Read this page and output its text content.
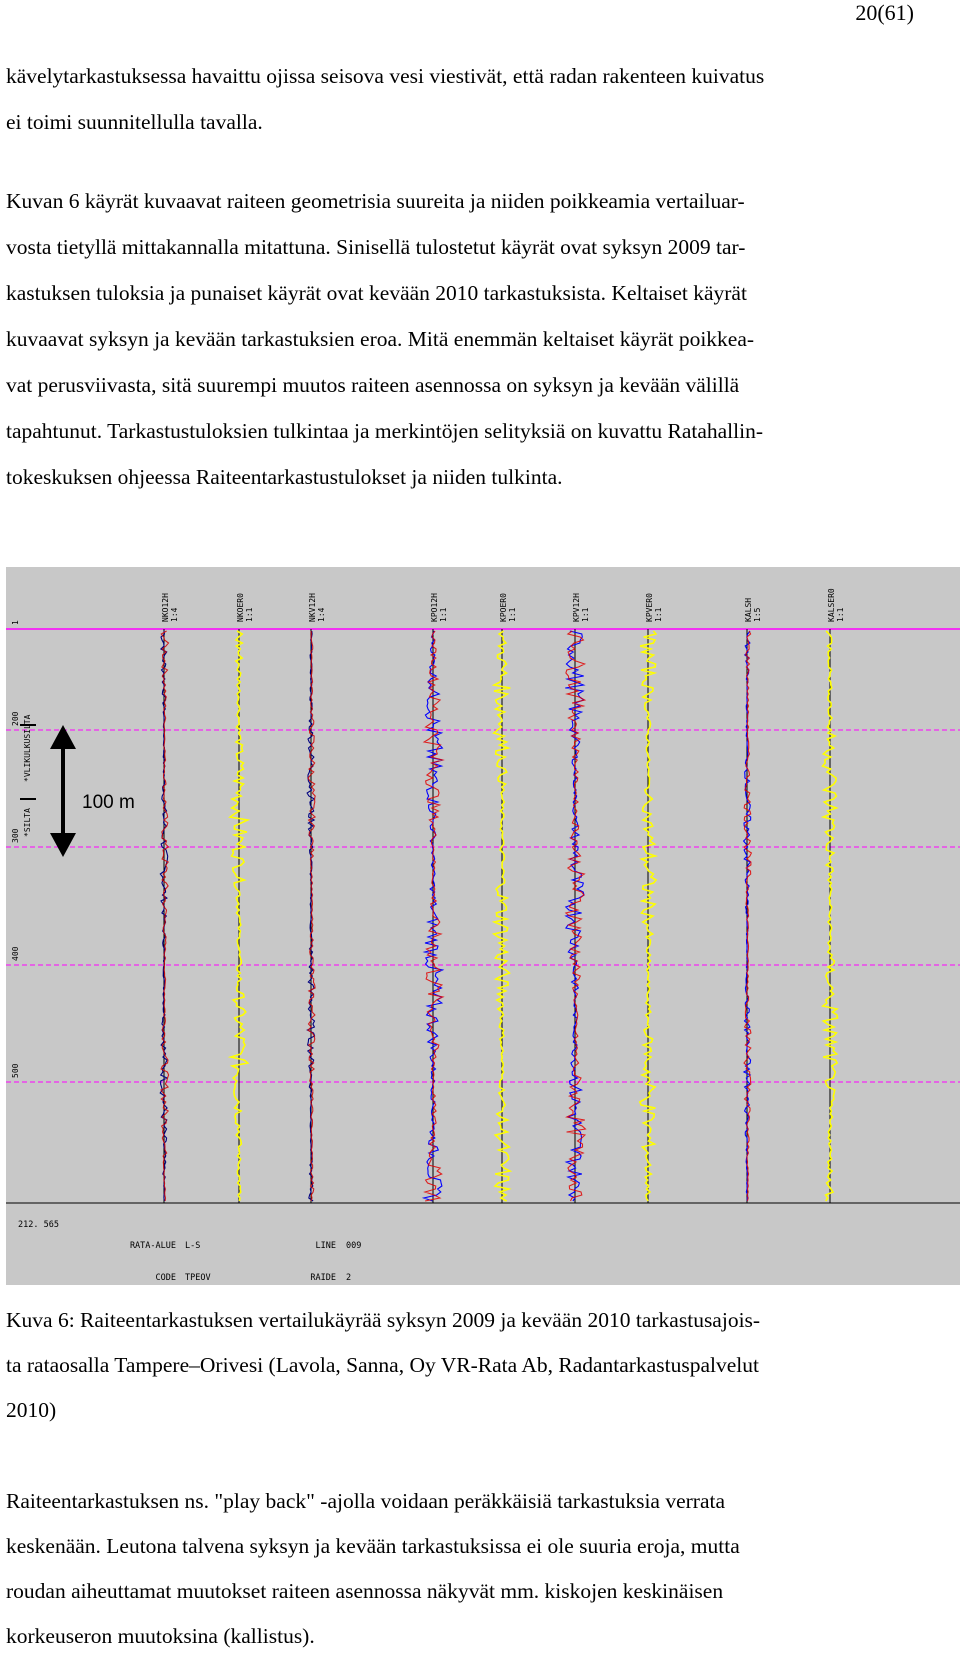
20(61)

kävelytarkastuksessa havaittu ojissa seisova vesi viestivät, että radan rakenteen kuivatus
ei toimi suunnitellulla tavalla.

Kuvan 6 käyrät kuvaavat raiteen geometrisia suureita ja niiden poikkeamia vertailuar-
vosta tietyllä mittakannalla mitattuna. Sinisellä tulostetut käyrät ovat syksyn 2009 tar-
kastuksen tuloksia ja punaiset käyrät ovat kevään 2010 tarkastuksista. Keltaiset käyrät
kuvaavat syksyn ja kevään tarkastuksien eroa. Mitä enemmän keltaiset käyrät poikkea-
vat perusviivasta, sitä suurempi muutos raiteen asennossa on syksyn ja kevään välillä
tapahtunut. Tarkastustuloksien tulkintaa ja merkintöjen selityksiä on kuvattu Ratahallin-
tokeskuksen ohjeessa Raiteentarkastustulokset ja niiden tulkinta.

1
200
300
400
500
*SILTA
*VLIKULKUSILTA
NKO12H 1:4	NKOER0 1:1	NKV12H 1:4	KPO12H 1:1	KPOER0 1:1	KPV12H 1:1	KPVER0 1:1	KALSH 1:5	KALSER0 1:1
100 m
212. 565

RATA-ALUE

CODE

L-S

TPEOV

LINE

RAIDE

009

2

Kuva 6: Raiteentarkastuksen vertailukäyrää syksyn 2009 ja kevään 2010 tarkastusajois-
ta rataosalla Tampere–Orivesi (Lavola, Sanna, Oy VR-Rata Ab, Radantarkastuspalvelut
2010)

Raiteentarkastuksen ns. "play back" -ajolla voidaan peräkkäisiä tarkastuksia verrata
keskenään. Leutona talvena syksyn ja kevään tarkastuksissa ei ole suuria eroja, mutta
roudan aiheuttamat muutokset raiteen asennossa näkyvät mm. kiskojen keskinäisen
korkeuseron muutoksina (kallistus).
